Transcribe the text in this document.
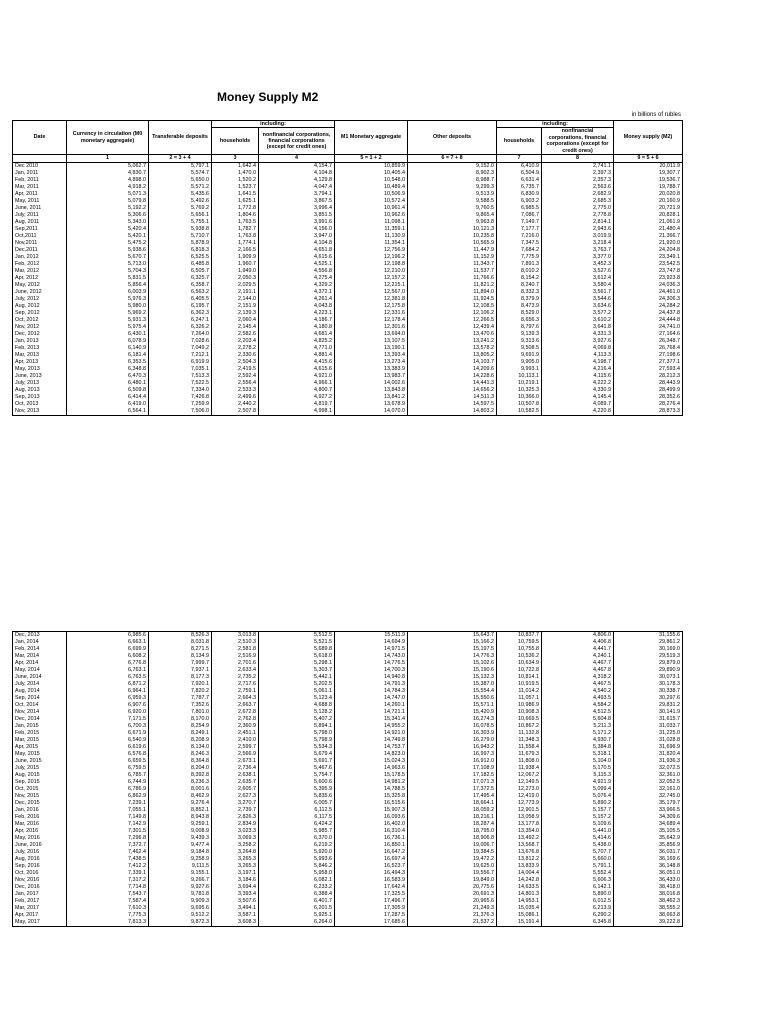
Money Supply M2
in billions of rubles
Date	Currency in circulation (M0 monetary aggregate)	Transferable deposits	including:		M1 Monetary aggregate	Other deposits	including:		Money supply (M2)
			households	nonfinancial corporations, financial corporations (except for credit ones)			households	nonfinancial corporations, financial corporations (except for credit ones)	
	1	2 = 3 + 4	3	4	5 = 1 + 2	6 = 7 + 8	7	8	9 = 5 + 6
Dec 2010	5,062.7	5,797.1	1,642.4	4,154.7	10,859.9	9,152.0	6,410.9	2,741.1	20,011.9
Jan, 2011	4,830.7	5,574.7	1,470.0	4,104.8	10,405.4	8,902.3	6,504.9	2,397.3	19,307.7
Feb, 2011	4,898.0	5,650.0	1,520.2	4,129.8	10,548.0	8,988.7	6,631.4	2,357.3	19,536.7
Mar, 2011	4,918.2	5,571.2	1,523.7	4,047.4	10,489.4	9,299.3	6,735.7	2,563.6	19,788.7
Apr, 2011	5,071.3	5,435.6	1,641.5	3,794.1	10,506.9	9,513.9	6,830.9	2,682.9	20,020.8
May, 2011	5,079.8	5,492.6	1,625.1	3,867.5	10,572.4	9,588.5	6,903.2	2,685.3	20,160.9
June, 2011	5,192.2	5,769.2	1,772.8	3,996.4	10,961.4	9,760.5	6,985.5	2,775.0	20,721.9
July, 2011	5,306.6	5,656.1	1,804.6	3,851.5	10,962.6	9,865.4	7,086.7	2,778.8	20,828.1
Aug, 2011	5,343.0	5,755.1	1,763.5	3,991.6	11,098.1	9,963.8	7,149.7	2,814.1	21,061.9
Sep,2011	5,420.4	5,938.8	1,782.7	4,156.0	11,359.1	10,121.3	7,177.7	2,943.6	21,480.4
Oct,2011	5,420.1	5,710.7	1,763.8	3,947.0	11,130.9	10,235.8	7,216.0	3,019.9	21,366.7
Nov,2011	5,475.2	5,878.9	1,774.1	4,104.8	11,354.1	10,565.9	7,347.5	3,218.4	21,920.0
Dec,2011	5,938.6	6,818.3	2,166.5	4,651.8	12,756.9	11,447.9	7,684.2	3,763.7	24,204.8
Jan, 2012	5,670.7	6,525.5	1,909.9	4,615.6	12,196.2	11,152.9	7,775.9	3,377.0	23,349.1
Feb, 2012	5,713.0	6,485.8	1,960.7	4,525.1	12,198.8	11,343.7	7,891.3	3,452.3	23,542.5
Mar, 2012	5,704.3	6,505.7	1,949.0	4,556.8	12,210.0	11,537.7	8,010.2	3,527.6	23,747.8
Apr, 2012	5,831.5	6,325.7	2,050.3	4,275.4	12,157.2	11,766.6	8,154.2	3,612.4	23,923.8
May, 2012	5,856.4	6,358.7	2,029.5	4,329.2	12,215.1	11,821.2	8,240.7	3,580.4	24,036.3
June, 2012	6,003.9	6,563.2	2,191.1	4,372.1	12,567.0	11,894.0	8,332.3	3,561.7	24,461.0
July, 2012	5,976.3	6,405.5	2,144.0	4,261.4	12,381.8	11,924.5	8,379.9	3,544.6	24,306.3
Aug, 2012	5,980.0	6,195.7	2,151.9	4,043.8	12,175.8	12,108.5	8,473.9	3,634.6	24,284.2
Sep, 2012	5,969.2	6,362.3	2,139.3	4,223.1	12,331.6	12,106.2	8,529.0	3,577.2	24,437.8
Oct, 2012	5,931.3	6,247.1	2,060.4	4,186.7	12,178.4	12,266.5	8,656.3	3,610.2	24,444.8
Nov, 2012	5,975.4	6,326.2	2,145.4	4,180.8	12,301.6	12,439.4	8,797.6	3,641.8	24,741.0
Dec, 2012	6,430.1	7,264.0	2,582.6	4,681.4	13,694.0	13,470.6	9,139.3	4,331.3	27,164.6
Jan, 2013	6,078.9	7,028.6	2,203.4	4,825.2	13,107.5	13,241.2	9,313.6	3,927.6	26,348.7
Feb, 2013	6,140.9	7,049.2	2,278.2	4,771.0	13,190.1	13,578.2	9,508.5	4,069.8	26,768.4
Mar, 2013	6,181.4	7,212.1	2,330.6	4,881.4	13,393.4	13,805.2	9,691.9	4,113.3	27,198.6
Apr, 2013	6,353.5	6,919.9	2,504.3	4,415.6	13,273.4	14,103.7	9,905.0	4,198.7	27,377.1
May, 2013	6,348.8	7,035.1	2,419.5	4,615.6	13,383.9	14,209.6	9,993.1	4,216.4	27,593.4
June, 2013	6,470.3	7,513.3	2,592.4	4,921.0	13,983.7	14,228.6	10,113.1	4,115.6	28,212.3
July, 2013	6,480.1	7,522.5	2,556.4	4,966.1	14,002.6	14,441.3	10,219.1	4,222.2	28,443.9
Aug, 2013	6,509.8	7,334.0	2,533.3	4,800.7	13,843.8	14,656.2	10,325.3	4,330.9	28,499.9
Sep, 2013	6,414.4	7,426.8	2,499.6	4,927.2	13,841.2	14,511.3	10,366.0	4,145.4	28,352.6
Oct, 2013	6,419.0	7,259.9	2,440.2	4,819.7	13,678.9	14,597.5	10,507.8	4,089.7	28,276.4
Nov, 2013	6,564.1	7,506.0	2,507.8	4,998.1	14,070.0	14,803.2	10,582.5	4,220.8	28,873.3
Dec, 2013	6,985.6	8,526.3	3,013.8	5,512.5	15,511.9	15,643.7	10,837.7	4,806.0	31,155.6
Jan, 2014	6,663.1	8,031.8	2,510.3	5,521.5	14,694.9	15,166.2	10,759.5	4,406.8	29,861.2
Feb, 2014	6,699.9	8,271.5	2,581.8	5,689.8	14,971.5	15,197.5	10,755.8	4,441.7	30,169.0
Mar, 2014	6,608.2	8,134.9	2,516.9	5,618.0	14,743.0	14,776.3	10,536.2	4,240.1	29,519.3
Apr, 2014	6,776.8	7,999.7	2,701.6	5,298.1	14,776.5	15,102.6	10,634.9	4,467.7	29,879.0
May, 2014	6,763.1	7,937.1	2,633.4	5,303.7	14,700.3	15,190.6	10,722.8	4,467.8	29,890.9
June, 2014	6,763.5	8,177.3	2,735.2	5,442.1	14,940.8	15,132.3	10,814.1	4,318.2	30,073.1
July, 2014	6,871.2	7,920.1	2,717.6	5,202.5	14,791.3	15,387.0	10,919.5	4,467.5	30,178.3
Aug, 2014	6,964.1	7,820.2	2,759.1	5,061.1	14,784.3	15,554.4	11,014.2	4,540.2	30,338.7
Sep, 2014	6,959.3	7,787.7	2,664.3	5,123.4	14,747.0	15,550.6	11,057.1	4,493.5	30,297.6
Oct, 2014	6,907.6	7,352.6	2,663.7	4,688.8	14,260.1	15,571.1	10,986.9	4,584.2	29,831.2
Nov, 2014	6,920.0	7,801.0	2,672.8	5,128.2	14,721.1	15,420.9	10,908.3	4,512.5	30,141.9
Dec, 2014	7,171.5	8,170.0	2,762.8	5,407.2	15,341.4	16,274.3	10,669.5	5,604.8	31,615.7
Jan, 2015	6,700.3	8,254.9	2,360.9	5,894.1	14,955.2	16,078.5	10,867.2	5,211.3	31,033.7
Feb, 2015	6,671.9	8,249.1	2,451.1	5,798.0	14,921.0	16,303.9	11,132.8	5,171.2	31,225.0
Mar, 2015	6,540.9	8,208.9	2,410.0	5,798.9	14,749.8	16,279.0	11,348.3	4,930.7	31,028.8
Apr, 2015	6,619.6	8,134.0	2,599.7	5,534.3	14,753.7	16,943.2	11,558.4	5,384.8	31,696.9
May, 2015	6,576.8	8,246.3	2,566.9	5,679.4	14,823.0	16,997.3	11,679.3	5,318.1	31,820.4
June, 2015	6,659.5	8,364.8	2,673.1	5,691.7	15,024.3	16,912.0	11,808.0	5,104.0	31,936.3
July, 2015	6,759.5	8,204.0	2,736.4	5,467.6	14,963.6	17,108.9	11,938.4	5,170.5	32,072.5
Aug, 2015	6,785.7	8,392.8	2,638.1	5,754.7	15,178.5	17,182.5	12,067.2	5,115.3	32,361.0
Sep, 2015	6,744.9	8,236.3	2,635.7	5,600.6	14,981.2	17,071.3	12,149.5	4,921.9	32,052.5
Oct, 2015	6,786.9	8,001.6	2,605.7	5,395.9	14,788.5	17,372.5	12,273.0	5,099.4	32,161.0
Nov, 2015	6,862.9	8,462.9	2,627.3	5,835.6	15,325.8	17,495.4	12,419.0	5,076.4	32,745.0
Dec, 2015	7,239.1	9,276.4	3,270.7	6,005.7	16,515.6	18,664.1	12,773.9	5,890.2	35,179.7
Jan, 2016	7,055.1	8,852.1	2,739.7	6,112.5	15,907.3	18,059.2	12,901.5	5,157.7	33,966.5
Feb, 2016	7,149.8	8,943.8	2,826.3	6,117.5	16,093.6	18,216.1	13,058.9	5,157.2	34,309.6
Mar, 2016	7,142.9	9,259.1	2,834.9	6,424.2	16,402.0	18,287.4	13,177.8	5,109.6	34,689.4
Apr, 2016	7,301.5	9,008.9	3,023.3	5,985.7	16,310.4	18,795.0	13,354.0	5,441.0	35,105.5
May, 2016	7,296.8	9,439.3	3,069.3	6,370.0	16,736.1	18,906.8	13,492.2	5,414.6	35,642.9
June, 2016	7,372.7	9,477.4	3,258.2	6,219.2	16,850.1	19,006.7	13,568.7	5,438.0	35,856.9
July, 2016	7,462.4	9,184.8	3,264.8	5,920.0	16,647.2	19,384.5	13,676.8	5,707.7	36,031.7
Aug, 2016	7,438.5	9,258.9	3,265.3	5,993.6	16,697.4	19,472.2	13,812.2	5,660.0	36,169.6
Sep, 2016	7,412.2	9,111.5	3,265.3	5,846.2	16,523.7	19,625.0	13,833.9	5,791.1	36,148.8
Oct, 2016	7,339.1	9,155.1	3,197.1	5,958.0	16,494.3	19,556.7	14,004.4	5,552.4	36,051.0
Nov, 2016	7,317.2	9,266.7	3,184.6	6,082.1	16,583.9	19,849.0	14,242.8	5,606.3	36,433.0
Dec, 2016	7,714.8	9,927.6	3,694.4	6,233.2	17,642.4	20,775.6	14,633.5	6,142.1	38,418.0
Jan, 2017	7,543.7	9,781.8	3,393.4	6,388.4	17,325.5	20,691.3	14,801.3	5,890.0	38,016.8
Feb, 2017	7,587.4	9,909.3	3,507.6	6,401.7	17,496.7	20,965.6	14,953.1	6,012.5	38,462.3
Mar, 2017	7,610.3	9,695.6	3,494.1	6,201.5	17,305.9	21,249.3	15,035.4	6,213.9	38,555.2
Apr, 2017	7,775.3	9,512.2	3,587.1	5,925.1	17,287.5	21,376.3	15,086.1	6,290.2	38,663.8
May, 2017	7,813.3	9,872.3	3,608.3	6,264.0	17,685.6	21,537.2	15,191.4	6,345.8	39,222.8
